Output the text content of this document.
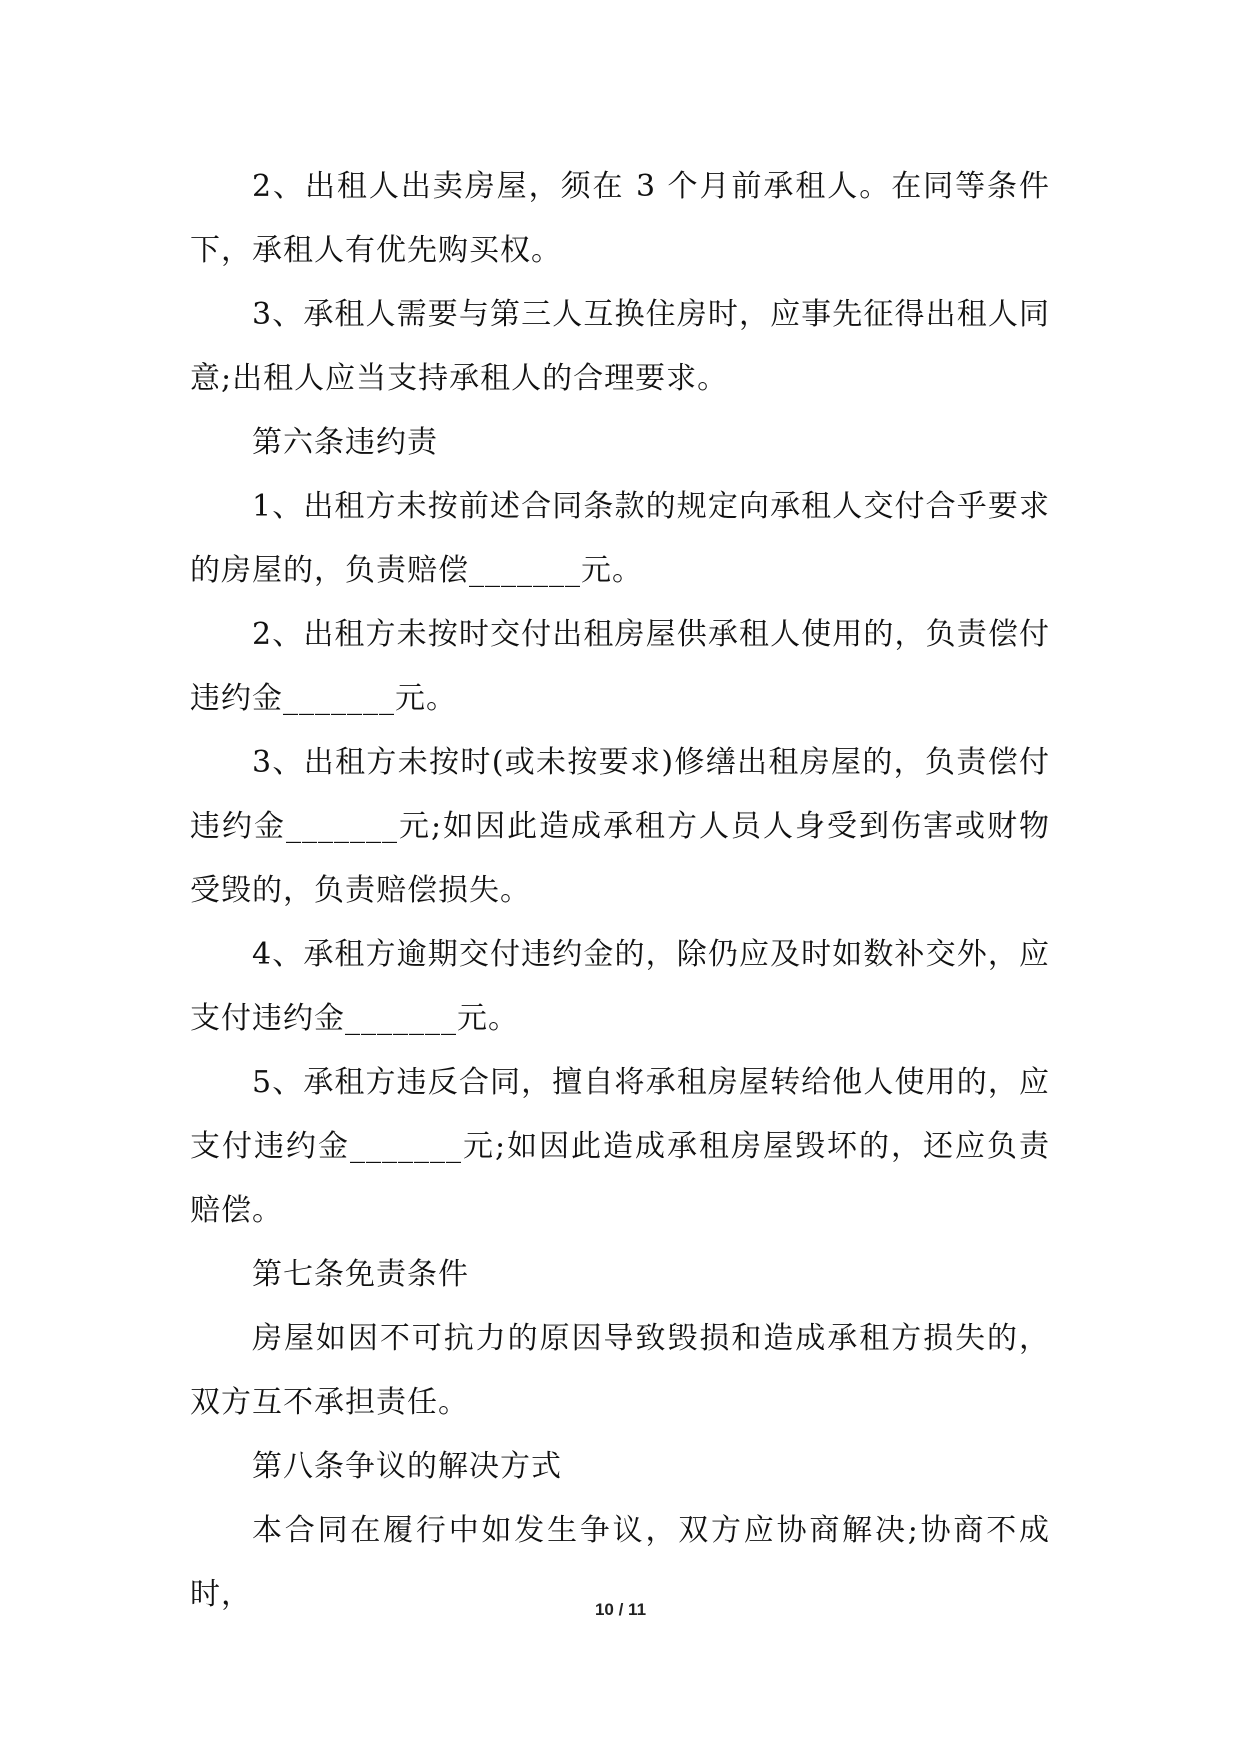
2、出租人出卖房屋，须在 3 个月前承租人。在同等条件下，承租人有优先购买权。

3、承租人需要与第三人互换住房时，应事先征得出租人同意;出租人应当支持承租人的合理要求。

第六条违约责

1、出租方未按前述合同条款的规定向承租人交付合乎要求的房屋的，负责赔偿_______元。

2、出租方未按时交付出租房屋供承租人使用的，负责偿付违约金_______元。

3、出租方未按时(或未按要求)修缮出租房屋的，负责偿付违约金_______元;如因此造成承租方人员人身受到伤害或财物受毁的，负责赔偿损失。

4、承租方逾期交付违约金的，除仍应及时如数补交外，应支付违约金_______元。

5、承租方违反合同，擅自将承租房屋转给他人使用的，应支付违约金_______元;如因此造成承租房屋毁坏的，还应负责赔偿。

第七条免责条件

房屋如因不可抗力的原因导致毁损和造成承租方损失的，双方互不承担责任。

第八条争议的解决方式

本合同在履行中如发生争议，双方应协商解决;协商不成时，	10 / 11
